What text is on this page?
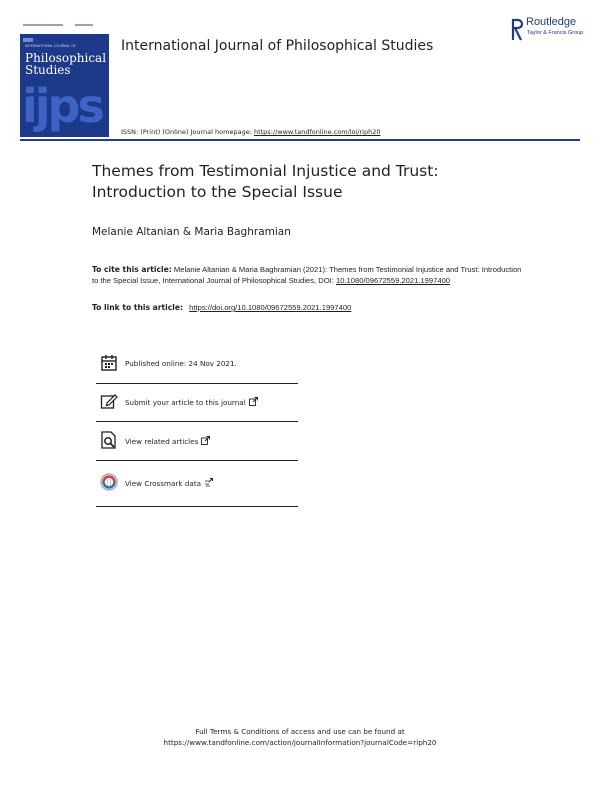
INTERNATIONAL JOURNAL OF
Philosophical
Studies
ijps
R
Routledge
Taylor & Francis Group
International Journal of Philosophical Studies
ISSN: (Print) (Online) Journal homepage: https://www.tandfonline.com/loi/riph20
Themes from Testimonial Injustice and Trust: Introduction to the Special Issue
Melanie Altanian & Maria Baghramian
To cite this article: Melanie Altanian & Maria Baghramian (2021): Themes from Testimonial Injustice and Trust: Introduction to the Special Issue, International Journal of Philosophical Studies, DOI: 10.1080/09672559.2021.1997400
To link to this article: https://doi.org/10.1080/09672559.2021.1997400
Published online: 24 Nov 2021.
Submit your article to this journal
View related articles
View Crossmark data
Full Terms & Conditions of access and use can be found at
https://www.tandfonline.com/action/journalInformation?journalCode=riph20
